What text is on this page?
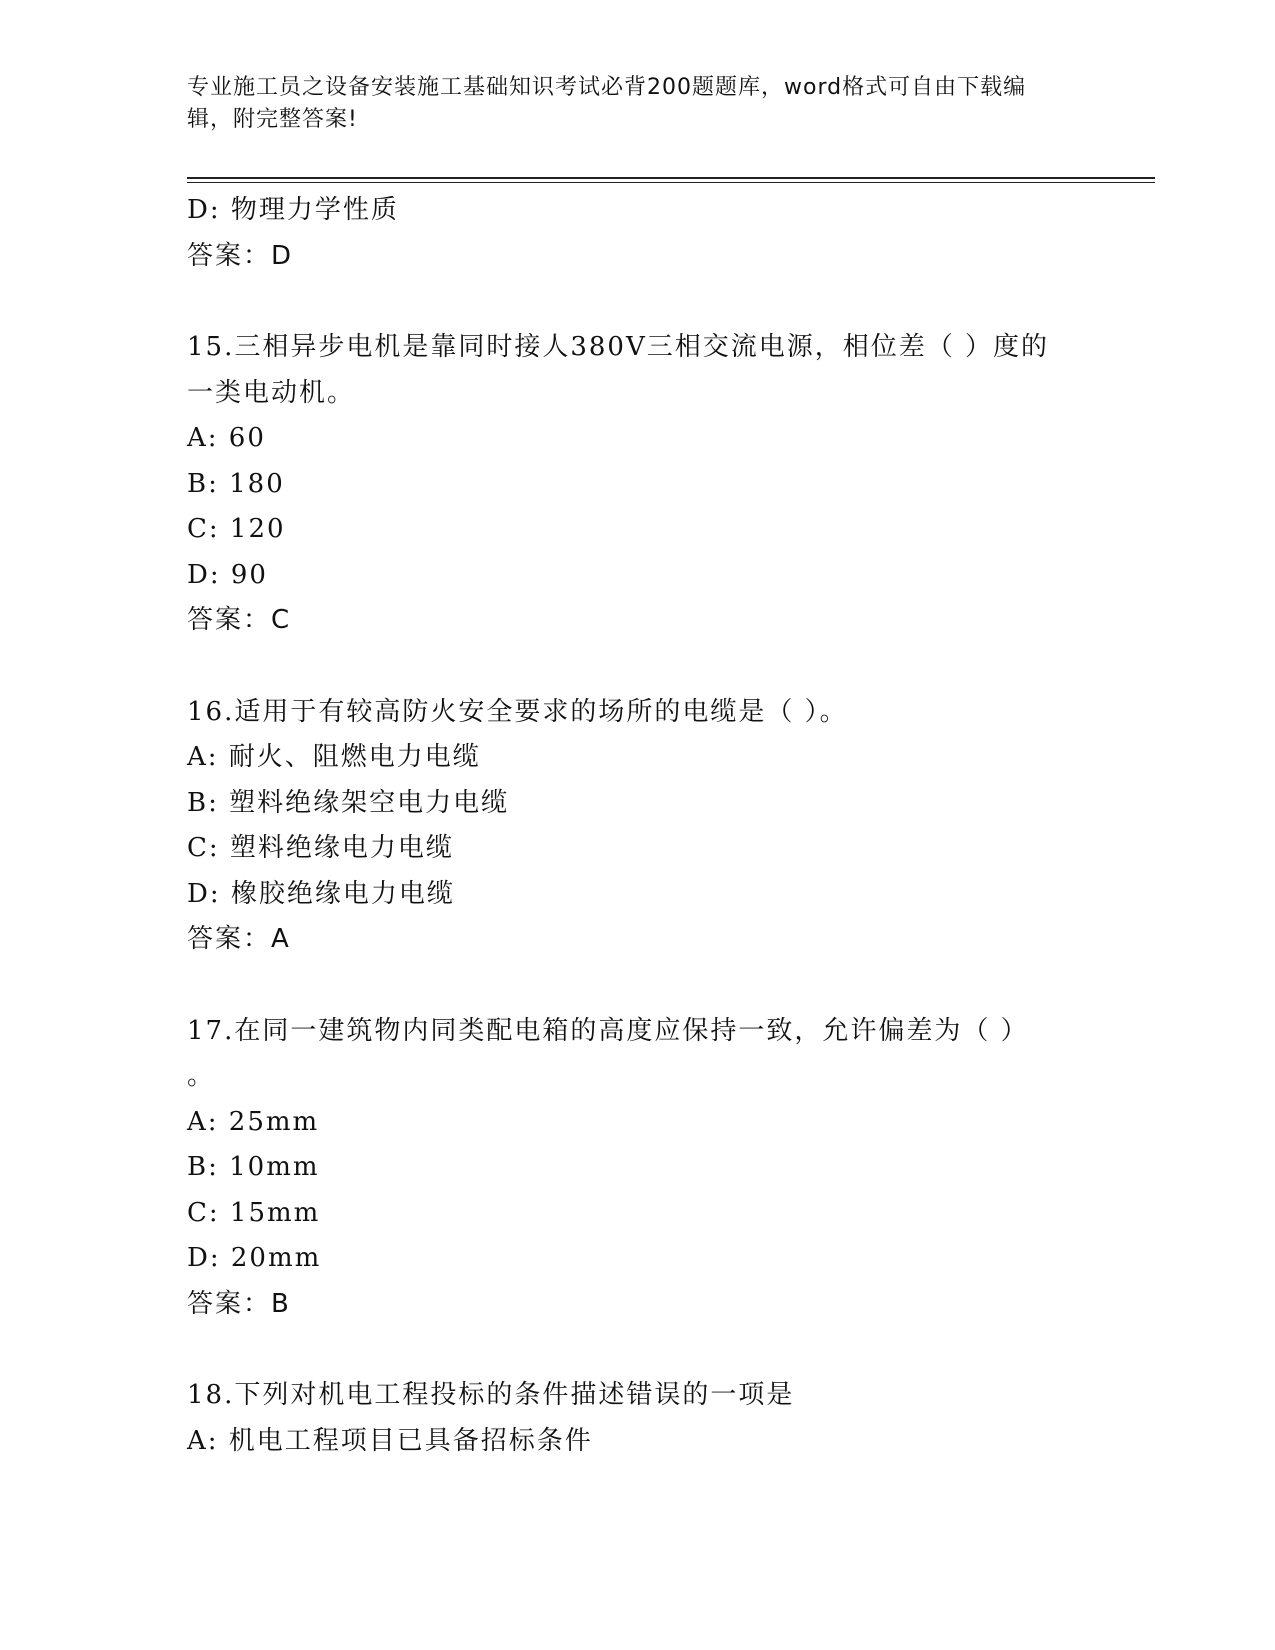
专业施工员之设备安装施工基础知识考试必背200题题库，word格式可自由下载编辑，附完整答案!
D: 物理力学性质
答案：D
15.三相异步电机是靠同时接人380V三相交流电源，相位差（ ）度的
一类电动机。
A: 60
B: 180
C: 120
D: 90
答案：C
16.适用于有较高防火安全要求的场所的电缆是（ ）。
A: 耐火、阻燃电力电缆
B: 塑料绝缘架空电力电缆
C: 塑料绝缘电力电缆
D: 橡胶绝缘电力电缆
答案：A
17.在同一建筑物内同类配电箱的高度应保持一致，允许偏差为（ ）
。
A: 25mm
B: 10mm
C: 15mm
D: 20mm
答案：B
18.下列对机电工程投标的条件描述错误的一项是
A: 机电工程项目已具备招标条件
